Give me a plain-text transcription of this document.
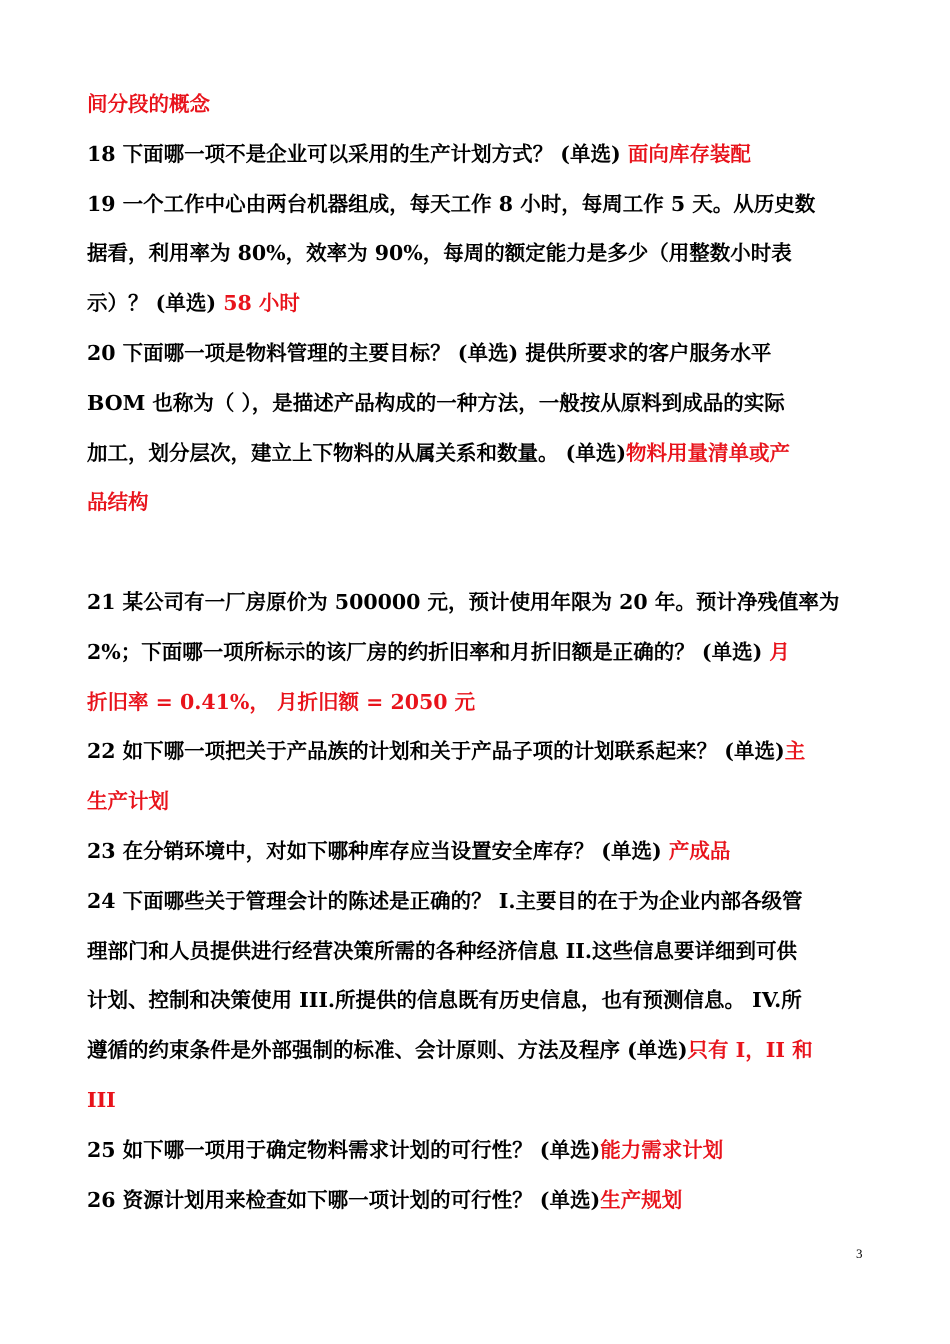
间分段的概念
18 下面哪一项不是企业可以采用的生产计划方式？ (单选) 面向库存装配
19 一个工作中心由两台机器组成，每天工作 8 小时，每周工作 5 天。从历史数
据看，利用率为 80%，效率为 90%，每周的额定能力是多少（用整数小时表
示）？ (单选) 58 小时
20 下面哪一项是物料管理的主要目标？ (单选) 提供所要求的客户服务水平
BOM 也称为（ ），是描述产品构成的一种方法，一般按从原料到成品的实际
加工，划分层次，建立上下物料的从属关系和数量。 (单选)物料用量清单或产
品结构
21 某公司有一厂房原价为 500000 元，预计使用年限为 20 年。预计净残值率为
2%；下面哪一项所标示的该厂房的约折旧率和月折旧额是正确的？ (单选) 月
折旧率 = 0.41%， 月折旧额 = 2050 元
22 如下哪一项把关于产品族的计划和关于产品子项的计划联系起来？ (单选)主
生产计划
23 在分销环境中，对如下哪种库存应当设置安全库存？ (单选) 产成品
24 下面哪些关于管理会计的陈述是正确的？ I.主要目的在于为企业内部各级管
理部门和人员提供进行经营决策所需的各种经济信息 II.这些信息要详细到可供
计划、控制和决策使用 III.所提供的信息既有历史信息，也有预测信息。 IV.所
遵循的约束条件是外部强制的标准、会计原则、方法及程序 (单选)只有 I，II 和
III
25 如下哪一项用于确定物料需求计划的可行性？ (单选)能力需求计划
26 资源计划用来检查如下哪一项计划的可行性？ (单选)生产规划
3
